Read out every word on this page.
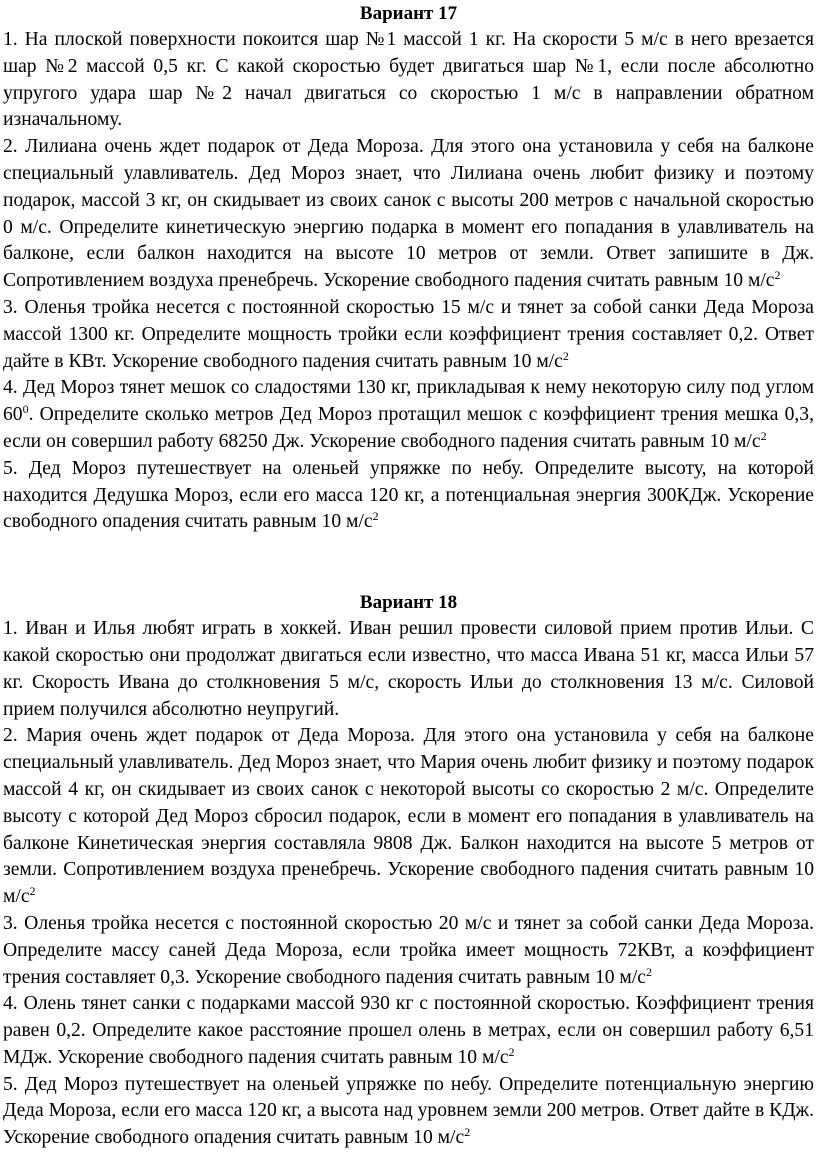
Вариант 17

1. На плоской поверхности покоится шар №1 массой 1 кг. На скорости 5 м/с в него врезается шар №2 массой 0,5 кг. С какой скоростью будет двигаться шар №1, если после абсолютно упругого удара шар №2 начал двигаться со скоростью 1 м/с в направлении обратном изначальному.

2. Лилиана очень ждет подарок от Деда Мороза. Для этого она установила у себя на балконе специальный улавливатель. Дед Мороз знает, что Лилиана очень любит физику и поэтому подарок, массой 3 кг, он скидывает из своих санок с высоты 200 метров с начальной скоростью 0 м/с. Определите кинетическую энергию подарка в момент его попадания в улавливатель на балконе, если балкон находится на высоте 10 метров от земли. Ответ запишите в Дж. Сопротивлением воздуха пренебречь. Ускорение свободного падения считать равным 10 $м/с^2$

3. Оленья тройка несется с постоянной скоростью 15 м/с и тянет за собой санки Деда Мороза массой 1300 кг. Определите мощность тройки если коэффициент трения составляет 0,2. Ответ дайте в КВт. Ускорение свободного падения считать равным 10 $м/с^2$

4. Дед Мороз тянет мешок со сладостями 130 кг, прикладывая к нему некоторую силу под углом $60^0$. Определите сколько метров Дед Мороз протащил мешок с коэффициент трения мешка 0,3, если он совершил работу 68250 Дж. Ускорение свободного падения считать равным 10 $м/с^2$

5. Дед Мороз путешествует на оленьей упряжке по небу. Определите высоту, на которой находится Дедушка Мороз, если его масса 120 кг, а потенциальная энергия 300КДж. Ускорение свободного опадения считать равным 10 $м/с^2$

Вариант 18

1. Иван и Илья любят играть в хоккей. Иван решил провести силовой прием против Ильи. С какой скоростью они продолжат двигаться если известно, что масса Ивана 51 кг, масса Ильи 57 кг. Скорость Ивана до столкновения 5 м/с, скорость Ильи до столкновения 13 м/с. Силовой прием получился абсолютно неупругий.

2. Мария очень ждет подарок от Деда Мороза. Для этого она установила у себя на балконе специальный улавливатель. Дед Мороз знает, что Мария очень любит физику и поэтому подарок массой 4 кг, он скидывает из своих санок с некоторой высоты со скоростью 2 м/с. Определите высоту с которой Дед Мороз сбросил подарок, если в момент его попадания в улавливатель на балконе Кинетическая энергия составляла 9808 Дж. Балкон находится на высоте 5 метров от земли. Сопротивлением воздуха пренебречь. Ускорение свободного падения считать равным 10 $м/с^2$

3. Оленья тройка несется с постоянной скоростью 20 м/с и тянет за собой санки Деда Мороза. Определите массу саней Деда Мороза, если тройка имеет мощность 72КВт, а коэффициент трения составляет 0,3. Ускорение свободного падения считать равным 10 $м/с^2$

4. Олень тянет санки с подарками массой 930 кг с постоянной скоростью. Коэффициент трения равен 0,2. Определите какое расстояние прошел олень в метрах, если он совершил работу 6,51 МДж. Ускорение свободного падения считать равным 10 $м/с^2$

5. Дед Мороз путешествует на оленьей упряжке по небу. Определите потенциальную энергию Деда Мороза, если его масса 120 кг, а высота над уровнем земли 200 метров. Ответ дайте в КДж. Ускорение свободного опадения считать равным 10 $м/с^2$
